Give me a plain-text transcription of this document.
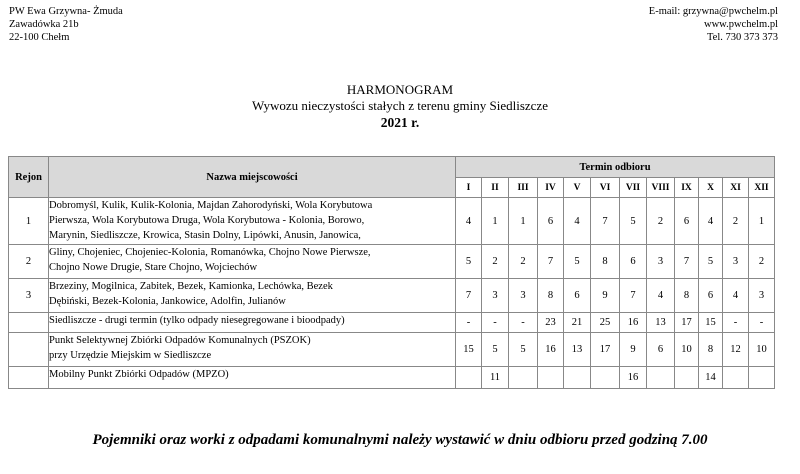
PW Ewa Grzywna- Żmuda
Zawadówka 21b
22-100 Chełm
E-mail: grzywna@pwchelm.pl
www.pwchelm.pl
Tel. 730 373 373
HARMONOGRAM
Wywozu nieczystości stałych z terenu gminy Siedliszcze
2021 r.
Rejon	Nazwa miejscowości	Termin odbioru											
		I	II	III	IV	V	VI	VII	VIII	IX	X	XI	XII
1	Dobromyśl, Kulik, Kulik-Kolonia, Majdan Zahorodyński, Wola Korybutowa
Pierwsza, Wola Korybutowa Druga, Wola Korybutowa - Kolonia, Borowo,
Marynin, Siedliszcze, Krowica, Stasin Dolny, Lipówki, Anusin, Janowica,	4	1	1	6	4	7	5	2	6	4	2	1
2	Gliny, Chojeniec, Chojeniec-Kolonia, Romanówka, Chojno Nowe Pierwsze,
Chojno Nowe Drugie, Stare Chojno, Wojciechów	5	2	2	7	5	8	6	3	7	5	3	2
3	Brzeziny, Mogilnica, Zabitek, Bezek, Kamionka, Lechówka, Bezek
Dębiński, Bezek-Kolonia, Jankowice, Adolfin, Julianów	7	3	3	8	6	9	7	4	8	6	4	3

	Siedliszcze - drugi termin (tylko odpady niesegregowane i bioodpady)	-	-	-	23	21	25	16	13	17	15	-	-

	Punkt Selektywnej Zbiórki Odpadów Komunalnych (PSZOK)
przy Urzędzie Miejskim w Siedliszcze	15	5	5	16	13	17	9	6	10	8	12	10

	Mobilny Punkt Zbiórki Odpadów (MPZO)		11					16			14		
Pojemniki oraz worki z odpadami komunalnymi należy wystawić w dniu odbioru przed godziną 7.00
